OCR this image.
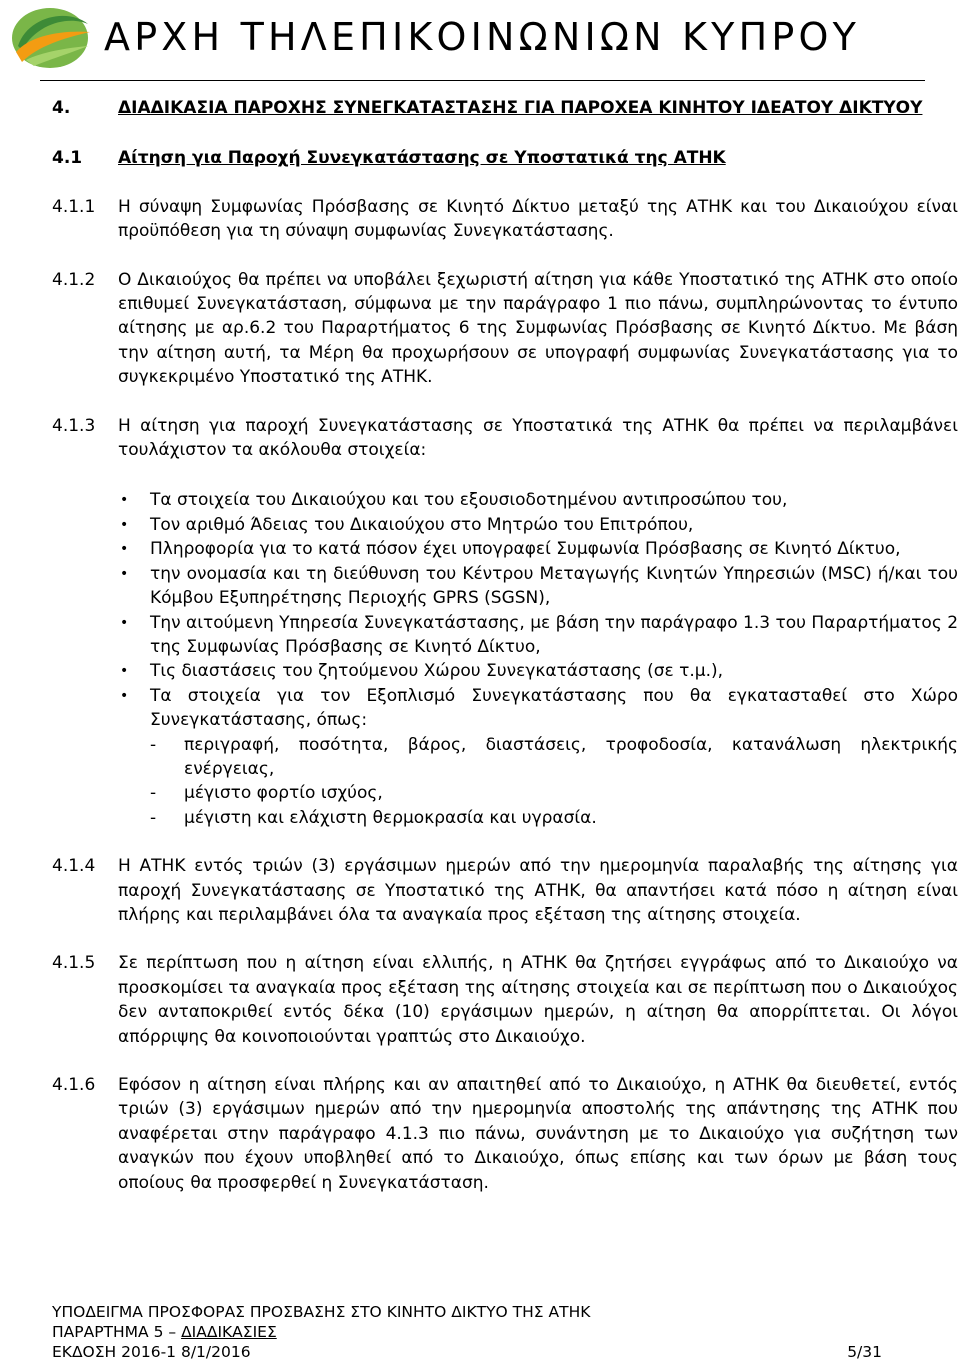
ΑΡΧΗ ΤΗΛΕΠΙΚΟΙΝΩΝΙΩΝ ΚΥΠΡΟΥ
4.	ΔΙΑΔΙΚΑΣΙΑ ΠΑΡΟΧΗΣ ΣΥΝΕΓΚΑΤΑΣΤΑΣΗΣ ΓΙΑ ΠΑΡΟΧΕΑ ΚΙΝΗΤΟΥ ΙΔΕΑΤΟΥ ΔΙΚΤΥΟΥ
4.1	Αίτηση για Παροχή Συνεγκατάστασης σε Υποστατικά της ΑΤΗΚ
4.1.1	Η σύναψη Συμφωνίας Πρόσβασης σε Κινητό Δίκτυο μεταξύ της ΑΤΗΚ και του Δικαιούχου είναι προϋπόθεση για τη σύναψη συμφωνίας Συνεγκατάστασης.
4.1.2	Ο Δικαιούχος θα πρέπει να υποβάλει ξεχωριστή αίτηση για κάθε Υποστατικό της ΑΤΗΚ στο οποίο επιθυμεί Συνεγκατάσταση, σύμφωνα με την παράγραφο 1 πιο πάνω, συμπληρώνοντας το έντυπο αίτησης με αρ.6.2 του Παραρτήματος 6 της Συμφωνίας Πρόσβασης σε Κινητό Δίκτυο. Με βάση την αίτηση αυτή, τα Μέρη θα προχωρήσουν σε υπογραφή συμφωνίας Συνεγκατάστασης για το συγκεκριμένο Υποστατικό της ΑΤΗΚ.
4.1.3	Η αίτηση για παροχή Συνεγκατάστασης σε Υποστατικά της ΑΤΗΚ θα πρέπει να περιλαμβάνει τουλάχιστον τα ακόλουθα στοιχεία:
•	Τα στοιχεία του Δικαιούχου και του εξουσιοδοτημένου αντιπροσώπου του,
•	Τον αριθμό Άδειας του Δικαιούχου στο Μητρώο του Επιτρόπου,
•	Πληροφορία για το κατά πόσον έχει υπογραφεί Συμφωνία Πρόσβασης σε Κινητό Δίκτυο,
•	την ονομασία και τη διεύθυνση του Κέντρου Μεταγωγής Κινητών Υπηρεσιών (MSC) ή/και του Κόμβου Εξυπηρέτησης Περιοχής GPRS (SGSN),
•	Την αιτούμενη Υπηρεσία Συνεγκατάστασης, με βάση την παράγραφο 1.3 του Παραρτήματος 2 της Συμφωνίας Πρόσβασης σε Κινητό Δίκτυο,
•	Τις διαστάσεις του ζητούμενου Χώρου Συνεγκατάστασης (σε τ.μ.),
•	Τα στοιχεία για τον Εξοπλισμό Συνεγκατάστασης που θα εγκατασταθεί στο Χώρο Συνεγκατάστασης, όπως:
-	περιγραφή, ποσότητα, βάρος, διαστάσεις, τροφοδοσία, κατανάλωση ηλεκτρικής ενέργειας,
-	μέγιστο φορτίο ισχύος,
-	μέγιστη και ελάχιστη θερμοκρασία και υγρασία.
4.1.4	Η ΑΤΗΚ εντός τριών (3) εργάσιμων ημερών από την ημερομηνία παραλαβής της αίτησης για παροχή Συνεγκατάστασης σε Υποστατικό της ΑΤΗΚ, θα απαντήσει κατά πόσο η αίτηση είναι πλήρης και περιλαμβάνει όλα τα αναγκαία προς εξέταση της αίτησης στοιχεία.
4.1.5	Σε περίπτωση που η αίτηση είναι ελλιπής, η ΑΤΗΚ θα ζητήσει εγγράφως από το Δικαιούχο να προσκομίσει τα αναγκαία προς εξέταση της αίτησης στοιχεία και σε περίπτωση που ο Δικαιούχος δεν ανταποκριθεί εντός δέκα (10) εργάσιμων ημερών, η αίτηση θα απορρίπτεται. Οι λόγοι απόρριψης θα κοινοποιούνται γραπτώς στο Δικαιούχο.
4.1.6	Εφόσον η αίτηση είναι πλήρης και αν απαιτηθεί από το Δικαιούχο, η ΑΤΗΚ θα διευθετεί, εντός τριών (3) εργάσιμων ημερών από την ημερομηνία αποστολής της απάντησης της ΑΤΗΚ που αναφέρεται στην παράγραφο 4.1.3 πιο πάνω, συνάντηση με το Δικαιούχο για συζήτηση των αναγκών που έχουν υποβληθεί από το Δικαιούχο, όπως επίσης και των όρων με βάση τους οποίους θα προσφερθεί η Συνεγκατάσταση.
ΥΠΟΔΕΙΓΜΑ ΠΡΟΣΦΟΡΑΣ ΠΡΟΣΒΑΣΗΣ ΣΤΟ ΚΙΝΗΤΟ ΔΙΚΤΥΟ ΤΗΣ ΑΤΗΚ
ΠΑΡΑΡΤΗΜΑ 5 – ΔΙΑΔΙΚΑΣΙΕΣ
ΕΚΔΟΣΗ 2016-1 8/1/2016	5/31
